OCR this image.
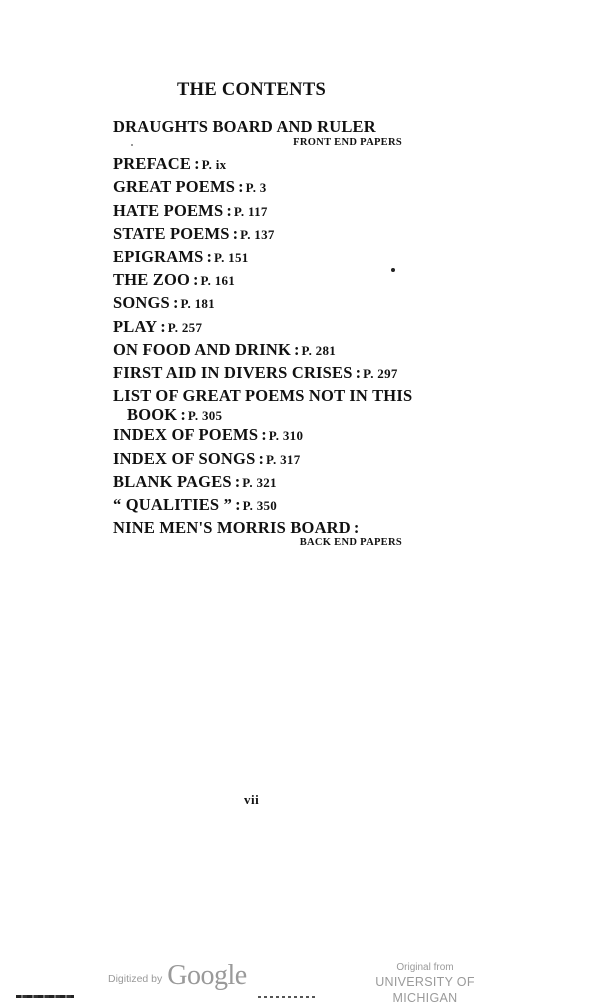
THE CONTENTS
DRAUGHTS BOARD AND RULER
FRONT END PAPERS
PREFACE : P. ix
GREAT POEMS : P. 3
HATE POEMS : P. 117
STATE POEMS : P. 137
EPIGRAMS : P. 151
THE ZOO : P. 161
SONGS : P. 181
PLAY : P. 257
ON FOOD AND DRINK : P. 281
FIRST AID IN DIVERS CRISES : P. 297
LIST OF GREAT POEMS NOT IN THIS
BOOK : P. 305
INDEX OF POEMS : P. 310
INDEX OF SONGS : P. 317
BLANK PAGES : P. 321
“ QUALITIES ” : P. 350
NINE MEN'S MORRIS BOARD :
BACK END PAPERS
vii
Digitized by Google	Original from
UNIVERSITY OF MICHIGAN
